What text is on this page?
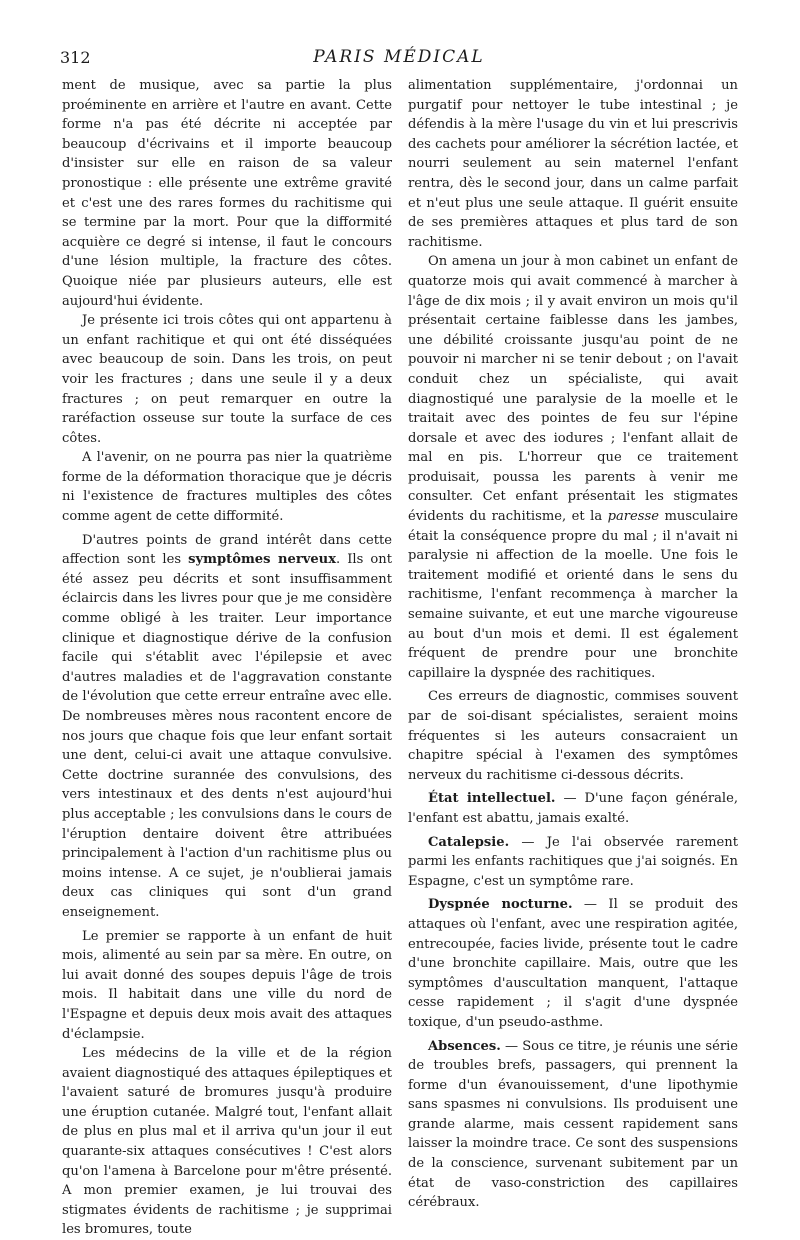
312	PARIS MÉDICAL

ment de musique, avec sa partie la plus proéminente en arrière et l'autre en avant. Cette forme n'a pas été décrite ni acceptée par beaucoup d'écrivains et il importe beaucoup d'insister sur elle en raison de sa valeur pronostique : elle présente une extrême gravité et c'est une des rares formes du rachitisme qui se termine par la mort. Pour que la difformité acquière ce degré si intense, il faut le concours d'une lésion multiple, la fracture des côtes. Quoique niée par plusieurs auteurs, elle est aujourd'hui évidente.

Je présente ici trois côtes qui ont appartenu à un enfant rachitique et qui ont été disséquées avec beaucoup de soin. Dans les trois, on peut voir les fractures ; dans une seule il y a deux fractures ; on peut remarquer en outre la raréfaction osseuse sur toute la surface de ces côtes.

A l'avenir, on ne pourra pas nier la quatrième forme de la déformation thoracique que je décris ni l'existence de fractures multiples des côtes comme agent de cette difformité.

D'autres points de grand intérêt dans cette affection sont les symptômes nerveux. Ils ont été assez peu décrits et sont insuffisamment éclaircis dans les livres pour que je me considère comme obligé à les traiter. Leur importance clinique et diagnostique dérive de la confusion facile qui s'établit avec l'épilepsie et avec d'autres maladies et de l'aggravation constante de l'évolution que cette erreur entraîne avec elle. De nombreuses mères nous racontent encore de nos jours que chaque fois que leur enfant sortait une dent, celui-ci avait une attaque convulsive. Cette doctrine surannée des convulsions, des vers intestinaux et des dents n'est aujourd'hui plus acceptable ; les convulsions dans le cours de l'éruption dentaire doivent être attribuées principalement à l'action d'un rachitisme plus ou moins intense. A ce sujet, je n'oublierai jamais deux cas cliniques qui sont d'un grand enseignement.

Le premier se rapporte à un enfant de huit mois, alimenté au sein par sa mère. En outre, on lui avait donné des soupes depuis l'âge de trois mois. Il habitait dans une ville du nord de l'Espagne et depuis deux mois avait des attaques d'éclampsie.

Les médecins de la ville et de la région avaient diagnostiqué des attaques épileptiques et l'avaient saturé de bromures jusqu'à produire une éruption cutanée. Malgré tout, l'enfant allait de plus en plus mal et il arriva qu'un jour il eut quarante-six attaques consécutives ! C'est alors qu'on l'amena à Barcelone pour m'être présenté. A mon premier examen, je lui trouvai des stigmates évidents de rachitisme ; je supprimai les bromures, toute

alimentation supplémentaire, j'ordonnai un purgatif pour nettoyer le tube intestinal ; je défendis à la mère l'usage du vin et lui prescrivis des cachets pour améliorer la sécrétion lactée, et nourri seulement au sein maternel l'enfant rentra, dès le second jour, dans un calme parfait et n'eut plus une seule attaque. Il guérit ensuite de ses premières attaques et plus tard de son rachitisme.

On amena un jour à mon cabinet un enfant de quatorze mois qui avait commencé à marcher à l'âge de dix mois ; il y avait environ un mois qu'il présentait certaine faiblesse dans les jambes, une débilité croissante jusqu'au point de ne pouvoir ni marcher ni se tenir debout ; on l'avait conduit chez un spécialiste, qui avait diagnostiqué une paralysie de la moelle et le traitait avec des pointes de feu sur l'épine dorsale et avec des iodures ; l'enfant allait de mal en pis. L'horreur que ce traitement produisait, poussa les parents à venir me consulter. Cet enfant présentait les stigmates évidents du rachitisme, et la paresse musculaire était la conséquence propre du mal ; il n'avait ni paralysie ni affection de la moelle. Une fois le traitement modifié et orienté dans le sens du rachitisme, l'enfant recommença à marcher la semaine suivante, et eut une marche vigoureuse au bout d'un mois et demi. Il est également fréquent de prendre pour une bronchite capillaire la dyspnée des rachitiques.

Ces erreurs de diagnostic, commises souvent par de soi-disant spécialistes, seraient moins fréquentes si les auteurs consacraient un chapitre spécial à l'examen des symptômes nerveux du rachitisme ci-dessous décrits.

État intellectuel. — D'une façon générale, l'enfant est abattu, jamais exalté.

Catalepsie. — Je l'ai observée rarement parmi les enfants rachitiques que j'ai soignés. En Espagne, c'est un symptôme rare.

Dyspnée nocturne. — Il se produit des attaques où l'enfant, avec une respiration agitée, entrecoupée, facies livide, présente tout le cadre d'une bronchite capillaire. Mais, outre que les symptômes d'auscultation manquent, l'attaque cesse rapidement ; il s'agit d'une dyspnée toxique, d'un pseudo-asthme.

Absences. — Sous ce titre, je réunis une série de troubles brefs, passagers, qui prennent la forme d'un évanouissement, d'une lipothymie sans spasmes ni convulsions. Ils produisent une grande alarme, mais cessent rapidement sans laisser la moindre trace. Ce sont des suspensions de la conscience, survenant subitement par un état de vaso-constriction des capillaires cérébraux.
